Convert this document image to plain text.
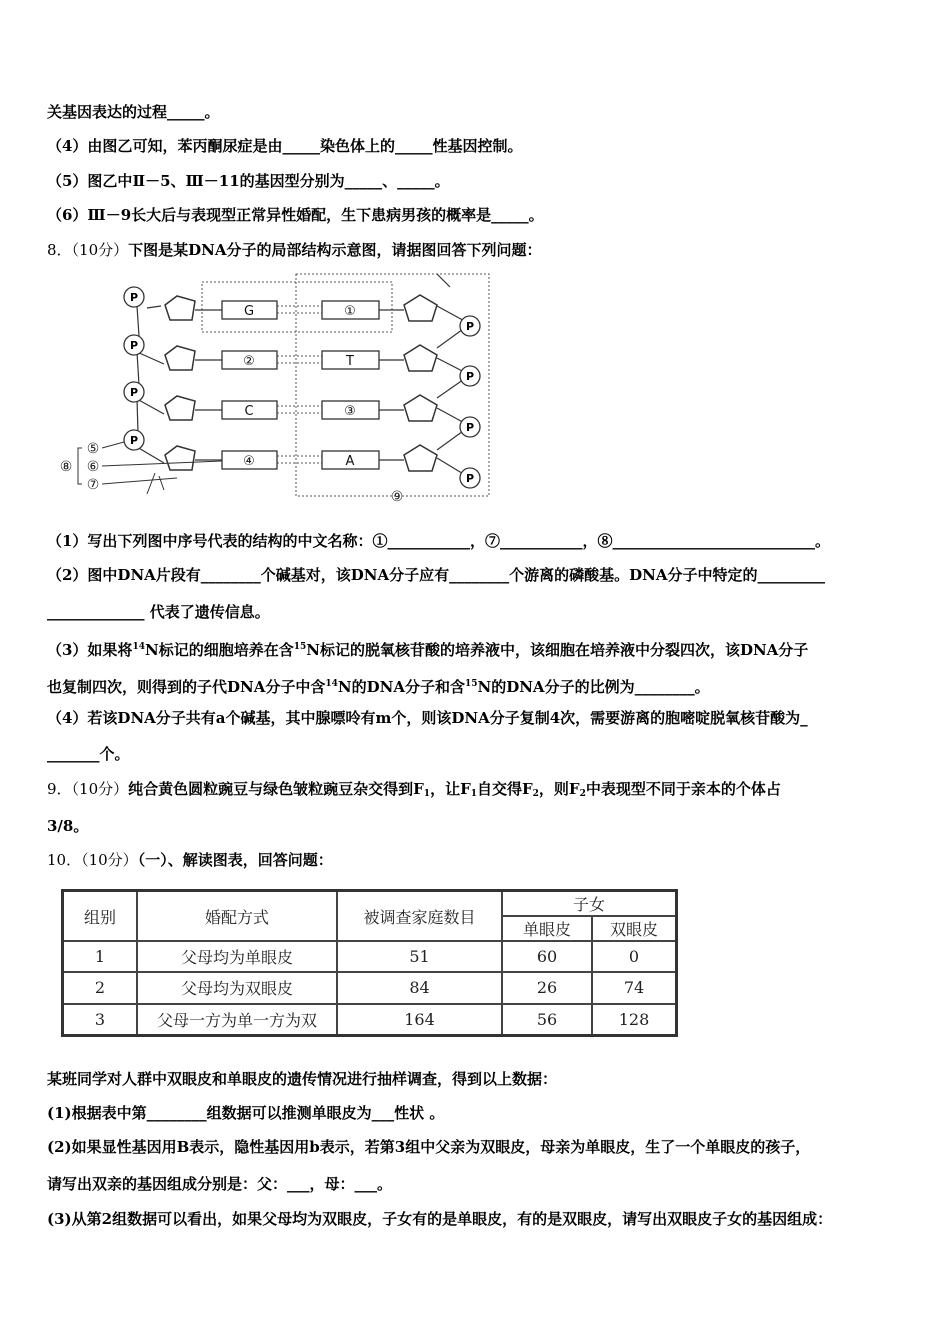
关基因表达的过程_____。
（4）由图乙可知，苯丙酮尿症是由_____染色体上的_____性基因控制。
（5）图乙中Ⅱ－5、Ⅲ－11的基因型分别为_____、_____。
（6）Ⅲ－9长大后与表现型正常异性婚配，生下患病男孩的概率是_____。
8．（10分）下图是某DNA分子的局部结构示意图，请据图回答下列问题：
G
②
C
④
①
T
③
A
P
P
P
P
P
P
P
P
⑤
⑥
⑦
⑧
⑨
（1）写出下列图中序号代表的结构的中文名称：①___________，⑦___________，⑧___________________________。
（2）图中DNA片段有________个碱基对，该DNA分子应有________个游离的磷酸基。DNA分子中特定的_________
_____________ 代表了遗传信息。
（3）如果将$^{14}$N标记的细胞培养在含$^{15}$N标记的脱氧核苷酸的培养液中，该细胞在培养液中分裂四次，该DNA分子
也复制四次，则得到的子代DNA分子中含$^{14}$N的DNA分子和含$^{15}$N的DNA分子的比例为________。
（4）若该DNA分子共有a个碱基，其中腺嘌呤有m个，则该DNA分子复制4次，需要游离的胞嘧啶脱氧核苷酸为_
_______个。
9．（10分）纯合黄色圆粒豌豆与绿色皱粒豌豆杂交得到$F_1$，让$F_1$自交得$F_2$，则$F_2$中表现型不同于亲本的个体占
3/8。
10．（10分）（一）、解读图表，回答问题：
组别	婚配方式	被调查家庭数目	子女	
			单眼皮	双眼皮
1	父母均为单眼皮	51	60	0
2	父母均为双眼皮	84	26	74
3	父母一方为单一方为双	164	56	128
某班同学对人群中双眼皮和单眼皮的遗传情况进行抽样调查，得到以上数据：
(1)根据表中第________组数据可以推测单眼皮为___性状 。
(2)如果显性基因用B表示，隐性基因用b表示，若第3组中父亲为双眼皮，母亲为单眼皮，生了一个单眼皮的孩子，
请写出双亲的基因组成分别是：父：___，母：___。
(3)从第2组数据可以看出，如果父母均为双眼皮，子女有的是单眼皮，有的是双眼皮，请写出双眼皮子女的基因组成：
